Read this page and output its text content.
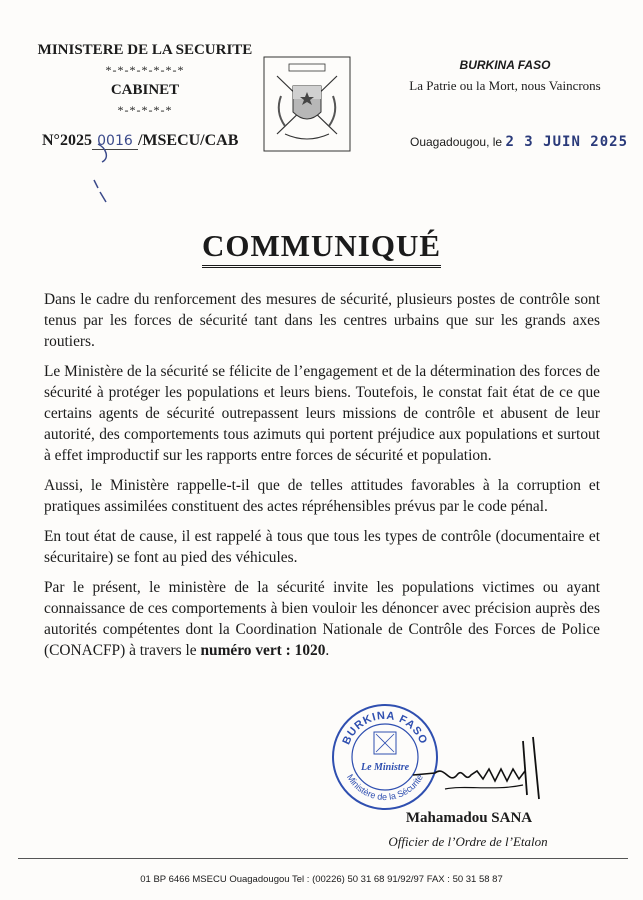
MINISTERE DE LA SECURITE
*-*-*-*-*-*-*
CABINET
*-*-*-*-*
N°2025 0016 /MSECU/CAB
BURKINA FASO
La Patrie ou la Mort, nous Vaincrons
Ouagadougou, le 2 3 JUIN 2025
COMMUNIQUÉ

Dans le cadre du renforcement des mesures de sécurité, plusieurs postes de contrôle sont tenus par les forces de sécurité tant dans les centres urbains que sur les grands axes routiers.

Le Ministère de la sécurité se félicite de l’engagement et de la détermination des forces de sécurité à protéger les populations et leurs biens. Toutefois, le constat fait état de ce que certains agents de sécurité outrepassent leurs missions de contrôle et abusent de leur autorité, des comportements tous azimuts qui portent préjudice aux populations et surtout à effet improductif sur les rapports entre forces de sécurité et population.

Aussi, le Ministère rappelle-t-il que de telles attitudes favorables à la corruption et pratiques assimilées constituent des actes répréhensibles prévus par le code pénal.

En tout état de cause, il est rappelé à tous que tous les types de contrôle (documentaire et sécuritaire) se font au pied des véhicules.

Par le présent, le ministère de la sécurité invite les populations victimes ou ayant connaissance de ces comportements à bien vouloir les dénoncer avec précision auprès des autorités compétentes dont la Coordination Nationale de Contrôle des Forces de Police (CONACFP) à travers le numéro vert : 1020.

BURKINA FASO
Ministère de la Sécurité
Le Ministre
Mahamadou SANA
Officier de l’Ordre de l’Etalon
01 BP 6466 MSECU Ouagadougou Tel : (00226) 50 31 68 91/92/97 FAX : 50 31 58 87
